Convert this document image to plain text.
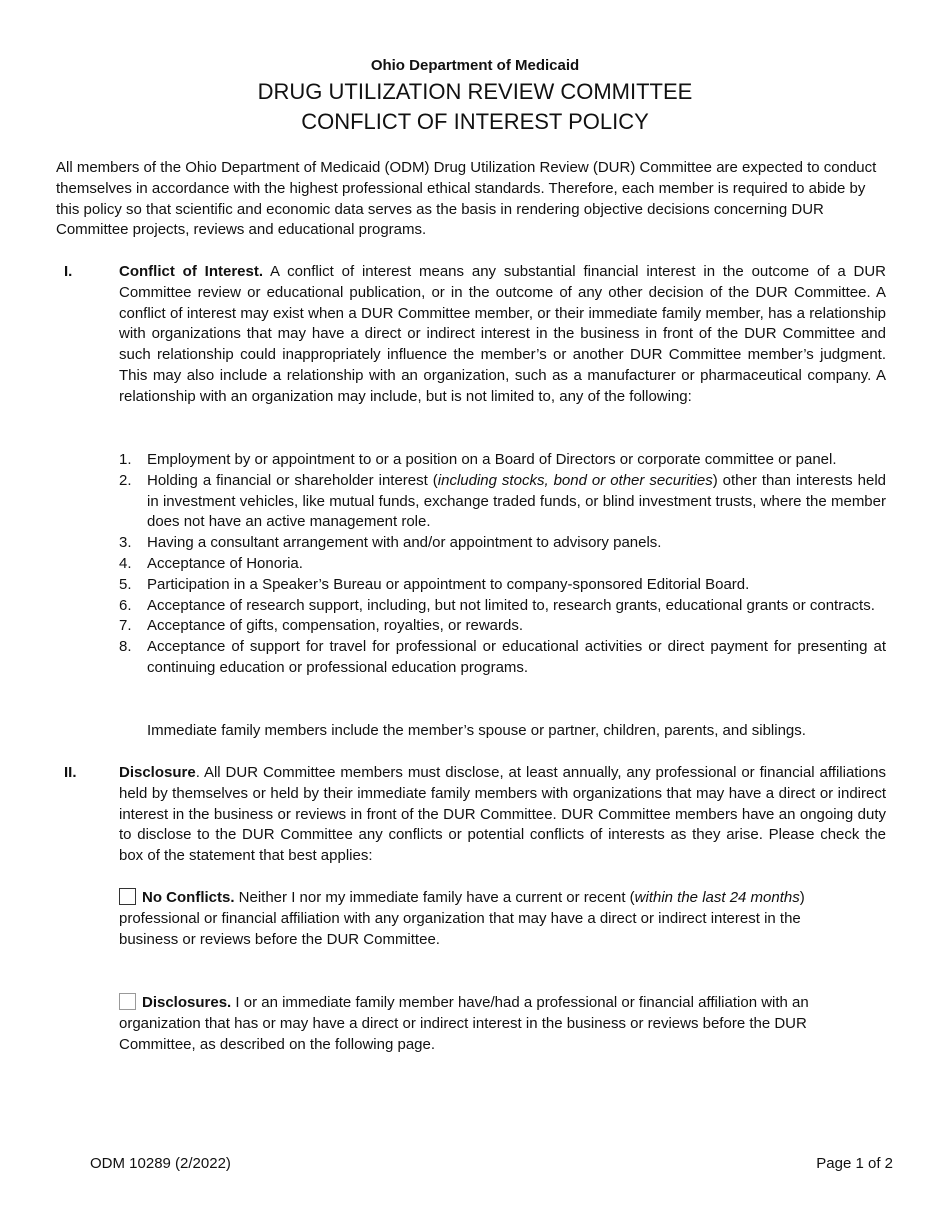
Ohio Department of Medicaid
DRUG UTILIZATION REVIEW COMMITTEE
CONFLICT OF INTEREST POLICY
All members of the Ohio Department of Medicaid (ODM) Drug Utilization Review (DUR) Committee are expected to conduct themselves in accordance with the highest professional ethical standards. Therefore, each member is required to abide by this policy so that scientific and economic data serves as the basis in rendering objective decisions concerning DUR Committee projects, reviews and educational programs.
I.	Conflict of Interest. A conflict of interest means any substantial financial interest in the outcome of a DUR Committee review or educational publication, or in the outcome of any other decision of the DUR Committee. A conflict of interest may exist when a DUR Committee member, or their immediate family member, has a relationship with organizations that may have a direct or indirect interest in the business in front of the DUR Committee and such relationship could inappropriately influence the member’s or another DUR Committee member’s judgment. This may also include a relationship with an organization, such as a manufacturer or pharmaceutical company. A relationship with an organization may include, but is not limited to, any of the following:
1. Employment by or appointment to or a position on a Board of Directors or corporate committee or panel.
2. Holding a financial or shareholder interest (including stocks, bond or other securities) other than interests held in investment vehicles, like mutual funds, exchange traded funds, or blind investment trusts, where the member does not have an active management role.
3. Having a consultant arrangement with and/or appointment to advisory panels.
4. Acceptance of Honoria.
5. Participation in a Speaker’s Bureau or appointment to company-sponsored Editorial Board.
6. Acceptance of research support, including, but not limited to, research grants, educational grants or contracts.
7. Acceptance of gifts, compensation, royalties, or rewards.
8. Acceptance of support for travel for professional or educational activities or direct payment for presenting at continuing education or professional education programs.
Immediate family members include the member’s spouse or partner, children, parents, and siblings.
II.	Disclosure. All DUR Committee members must disclose, at least annually, any professional or financial affiliations held by themselves or held by their immediate family members with organizations that may have a direct or indirect interest in the business or reviews in front of the DUR Committee. DUR Committee members have an ongoing duty to disclose to the DUR Committee any conflicts or potential conflicts of interests as they arise. Please check the box of the statement that best applies:
No Conflicts. Neither I nor my immediate family have a current or recent (within the last 24 months) professional or financial affiliation with any organization that may have a direct or indirect interest in the business or reviews before the DUR Committee.
Disclosures. I or an immediate family member have/had a professional or financial affiliation with an organization that has or may have a direct or indirect interest in the business or reviews before the DUR Committee, as described on the following page.
ODM 10289 (2/2022)	Page 1 of 2
